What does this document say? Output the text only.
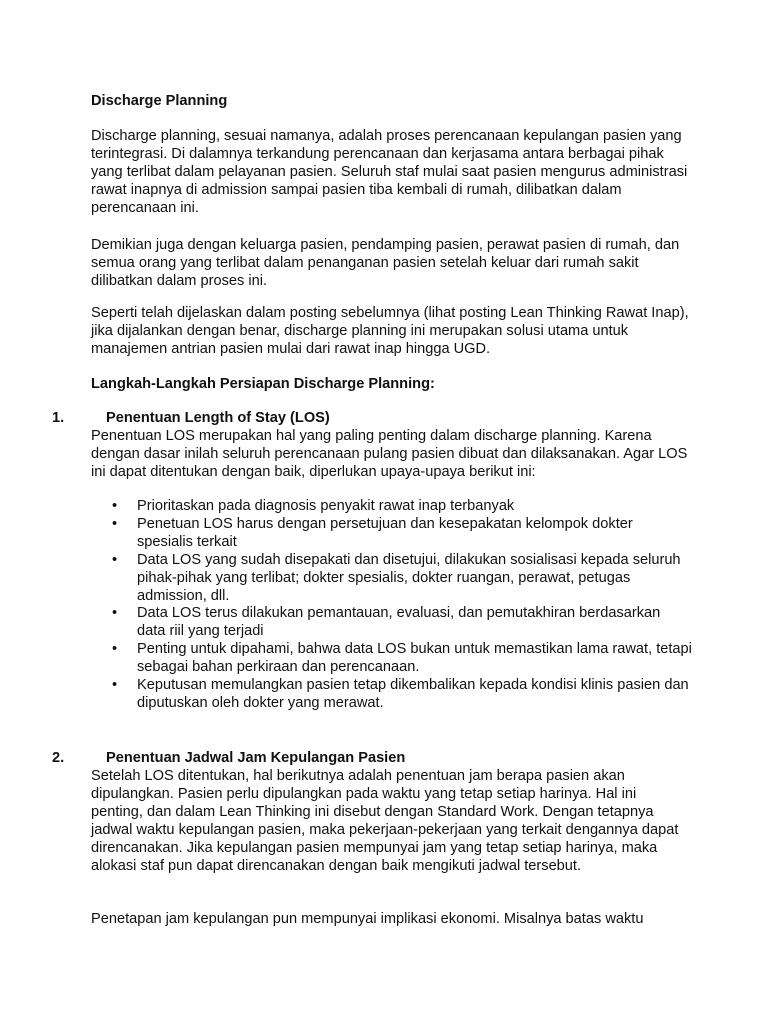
Discharge Planning

Discharge planning, sesuai namanya, adalah proses perencanaan kepulangan pasien yang terintegrasi. Di dalamnya terkandung perencanaan dan kerjasama antara berbagai pihak yang terlibat dalam pelayanan pasien. Seluruh staf mulai saat pasien mengurus administrasi rawat inapnya di admission sampai pasien tiba kembali di rumah, dilibatkan dalam perencanaan ini.

Demikian juga dengan keluarga pasien, pendamping pasien, perawat pasien di rumah, dan semua orang yang terlibat dalam penanganan pasien setelah keluar dari rumah sakit dilibatkan dalam proses ini.

Seperti telah dijelaskan dalam posting sebelumnya (lihat posting Lean Thinking Rawat Inap), jika dijalankan dengan benar, discharge planning ini merupakan solusi utama untuk manajemen antrian pasien mulai dari rawat inap hingga UGD.

Langkah-Langkah Persiapan Discharge Planning:
1.	Penentuan Length of Stay (LOS)

Penentuan LOS merupakan hal yang paling penting dalam discharge planning. Karena dengan dasar inilah seluruh perencanaan pulang pasien dibuat dan dilaksanakan. Agar LOS ini dapat ditentukan dengan baik, diperlukan upaya-upaya berikut ini:

• Prioritaskan pada diagnosis penyakit rawat inap terbanyak
• Penetuan LOS harus dengan persetujuan dan kesepakatan kelompok dokter spesialis terkait
• Data LOS yang sudah disepakati dan disetujui, dilakukan sosialisasi kepada seluruh pihak-pihak yang terlibat; dokter spesialis, dokter ruangan, perawat, petugas admission, dll.
• Data LOS terus dilakukan pemantauan, evaluasi, dan pemutakhiran berdasarkan data riil yang terjadi
• Penting untuk dipahami, bahwa data LOS bukan untuk memastikan lama rawat, tetapi sebagai bahan perkiraan dan perencanaan.
• Keputusan memulangkan pasien tetap dikembalikan kepada kondisi klinis pasien dan diputuskan oleh dokter yang merawat.
2.	Penentuan Jadwal Jam Kepulangan Pasien

Setelah LOS ditentukan, hal berikutnya adalah penentuan jam berapa pasien akan dipulangkan. Pasien perlu dipulangkan pada waktu yang tetap setiap harinya. Hal ini penting, dan dalam Lean Thinking ini disebut dengan Standard Work. Dengan tetapnya jadwal waktu kepulangan pasien, maka pekerjaan-pekerjaan yang terkait dengannya dapat direncanakan. Jika kepulangan pasien mempunyai jam yang tetap setiap harinya, maka alokasi staf pun dapat direncanakan dengan baik mengikuti jadwal tersebut.

Penetapan jam kepulangan pun mempunyai implikasi ekonomi. Misalnya batas waktu
